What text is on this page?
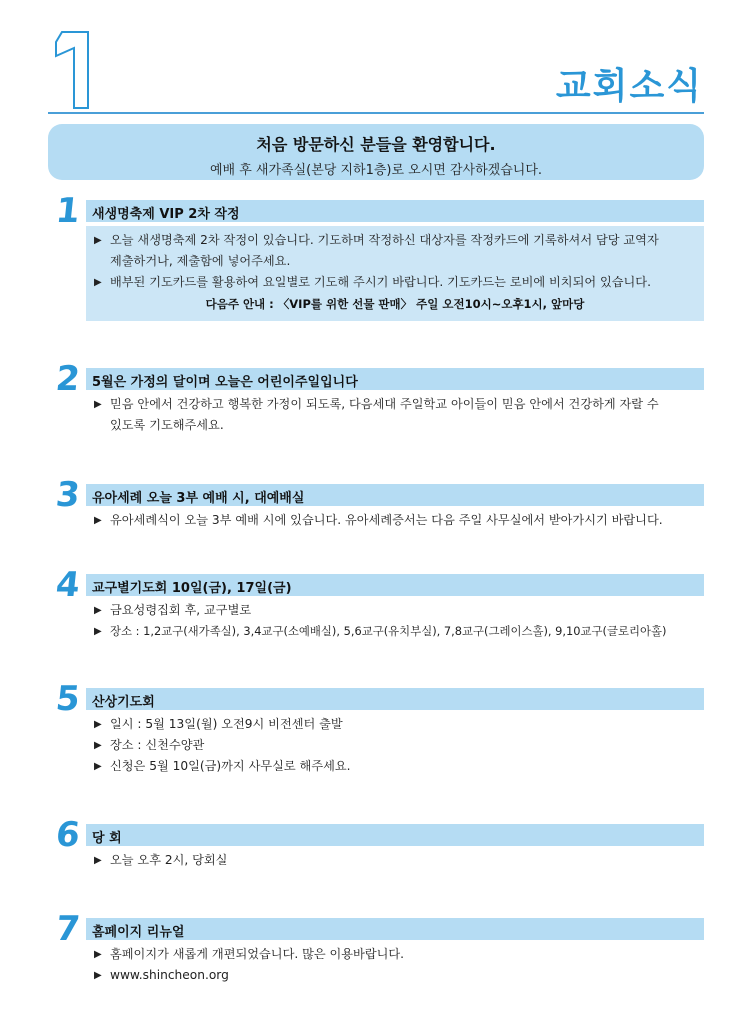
교회소식
처음 방문하신 분들을 환영합니다.
예배 후 새가족실(본당 지하1층)로 오시면 감사하겠습니다.
1 새생명축제 VIP 2차 작정
▶ 오늘 새생명축제 2차 작정이 있습니다. 기도하며 작정하신 대상자를 작정카드에 기록하셔서 담당 교역자
제출하거나, 제출함에 넣어주세요.
▶ 배부된 기도카드를 활용하여 요일별로 기도해 주시기 바랍니다. 기도카드는 로비에 비치되어 있습니다.
다음주 안내 : 〈VIP를 위한 선물 판매〉 주일 오전10시~오후1시, 앞마당
2 5월은 가정의 달이며 오늘은 어린이주일입니다
▶ 믿음 안에서 건강하고 행복한 가정이 되도록, 다음세대 주일학교 아이들이 믿음 안에서 건강하게 자랄 수
있도록 기도해주세요.
3 유아세례 오늘 3부 예배 시, 대예배실
▶ 유아세례식이 오늘 3부 예배 시에 있습니다. 유아세례증서는 다음 주일 사무실에서 받아가시기 바랍니다.
4 교구별기도회 10일(금), 17일(금)
▶ 금요성령집회 후, 교구별로
▶ 장소 : 1,2교구(새가족실), 3,4교구(소예배실), 5,6교구(유치부실), 7,8교구(그레이스홀), 9,10교구(글로리아홀)
5 산상기도회
▶ 일시 : 5월 13일(월) 오전9시 비전센터 출발
▶ 장소 : 신천수양관
▶ 신청은 5월 10일(금)까지 사무실로 해주세요.
6 당 회
▶ 오늘 오후 2시, 당회실
7 홈페이지 리뉴얼
▶ 홈페이지가 새롭게 개편되었습니다. 많은 이용바랍니다.
▶ www.shincheon.org
